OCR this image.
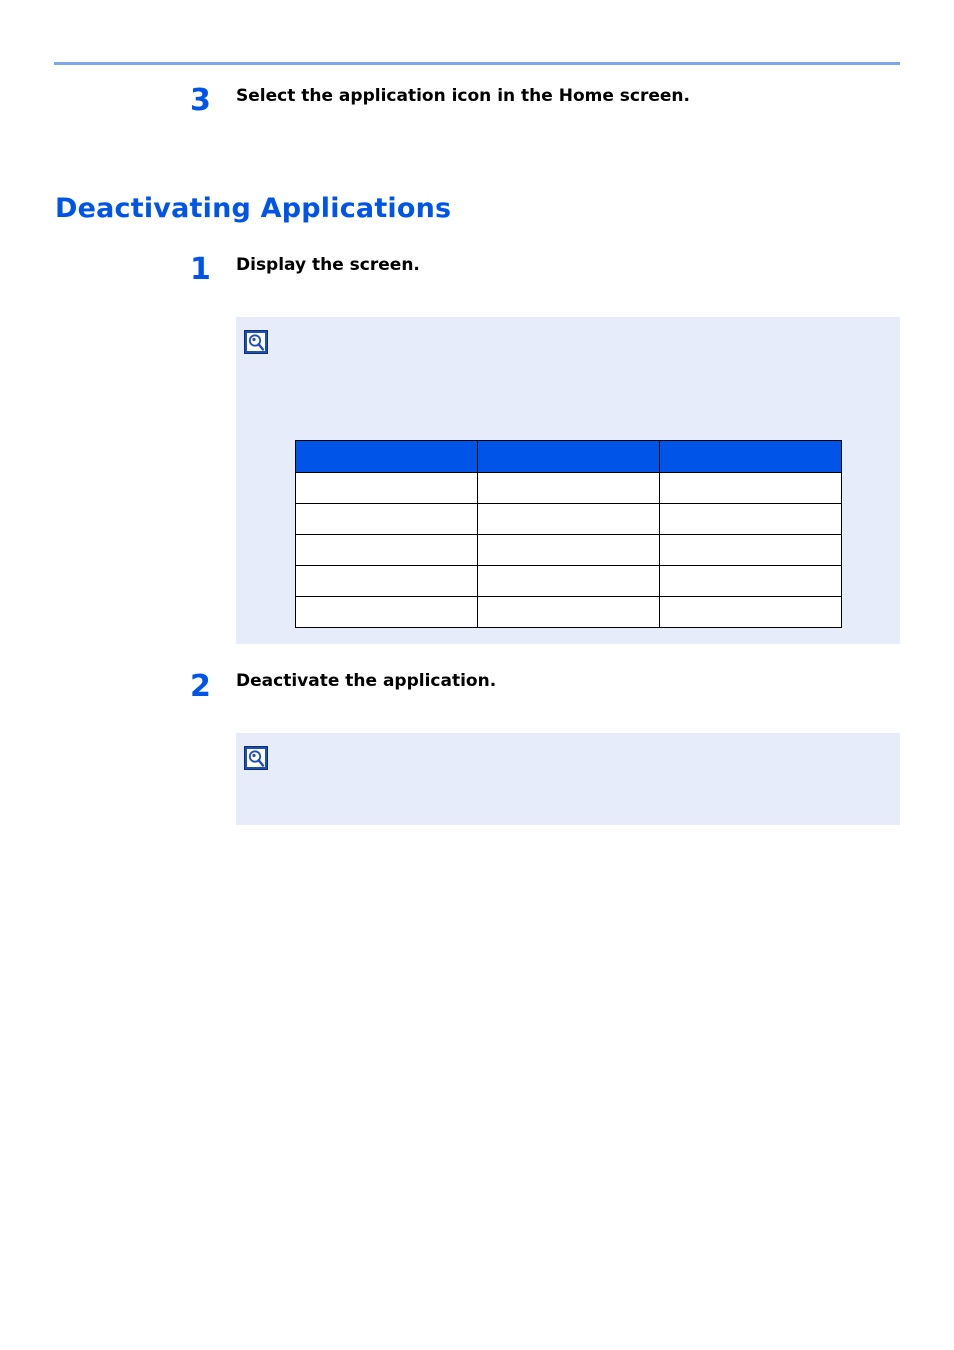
3 Select the application icon in the Home screen.
Deactivating Applications
1 Display the screen.

2 Deactivate the application.
